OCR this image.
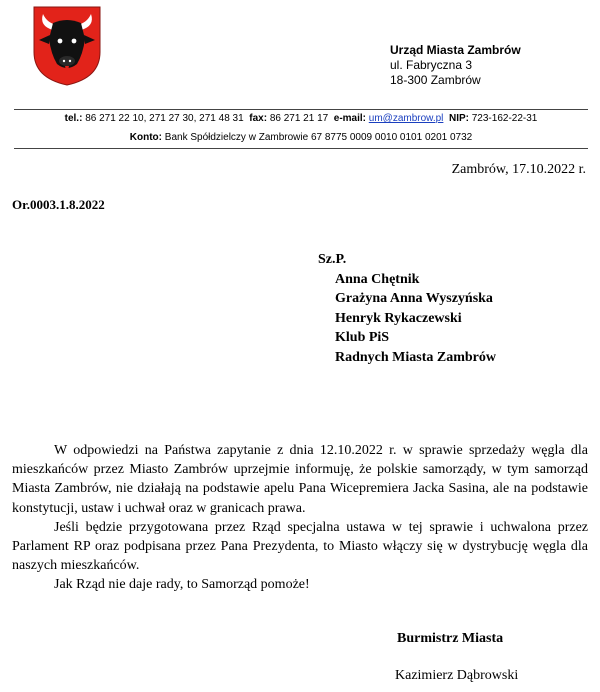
Urząd Miasta Zambrów
ul. Fabryczna 3
18-300 Zambrów
tel.: 86 271 22 10, 271 27 30, 271 48 31 fax: 86 271 21 17 e-mail: um@zambrow.pl NIP: 723-162-22-31
Konto: Bank Spółdzielczy w Zambrowie 67 8775 0009 0010 0101 0201 0732
Zambrów, 17.10.2022 r.
Or.0003.1.8.2022
Sz.P.
Anna Chętnik
Grażyna Anna Wyszyńska
Henryk Rykaczewski
Klub PiS
Radnych Miasta Zambrów

W odpowiedzi na Państwa zapytanie z dnia 12.10.2022 r. w sprawie sprzedaży węgla dla mieszkańców przez Miasto Zambrów uprzejmie informuję, że polskie samorządy, w tym samorząd Miasta Zambrów, nie działają na podstawie apelu Pana Wicepremiera Jacka Sasina, ale na podstawie konstytucji, ustaw i uchwał oraz w granicach prawa.

Jeśli będzie przygotowana przez Rząd specjalna ustawa w tej sprawie i uchwalona przez Parlament RP oraz podpisana przez Pana Prezydenta, to Miasto włączy się w dystrybucję węgla dla naszych mieszkańców.

Jak Rząd nie daje rady, to Samorząd pomoże!

Burmistrz Miasta
Kazimierz Dąbrowski
